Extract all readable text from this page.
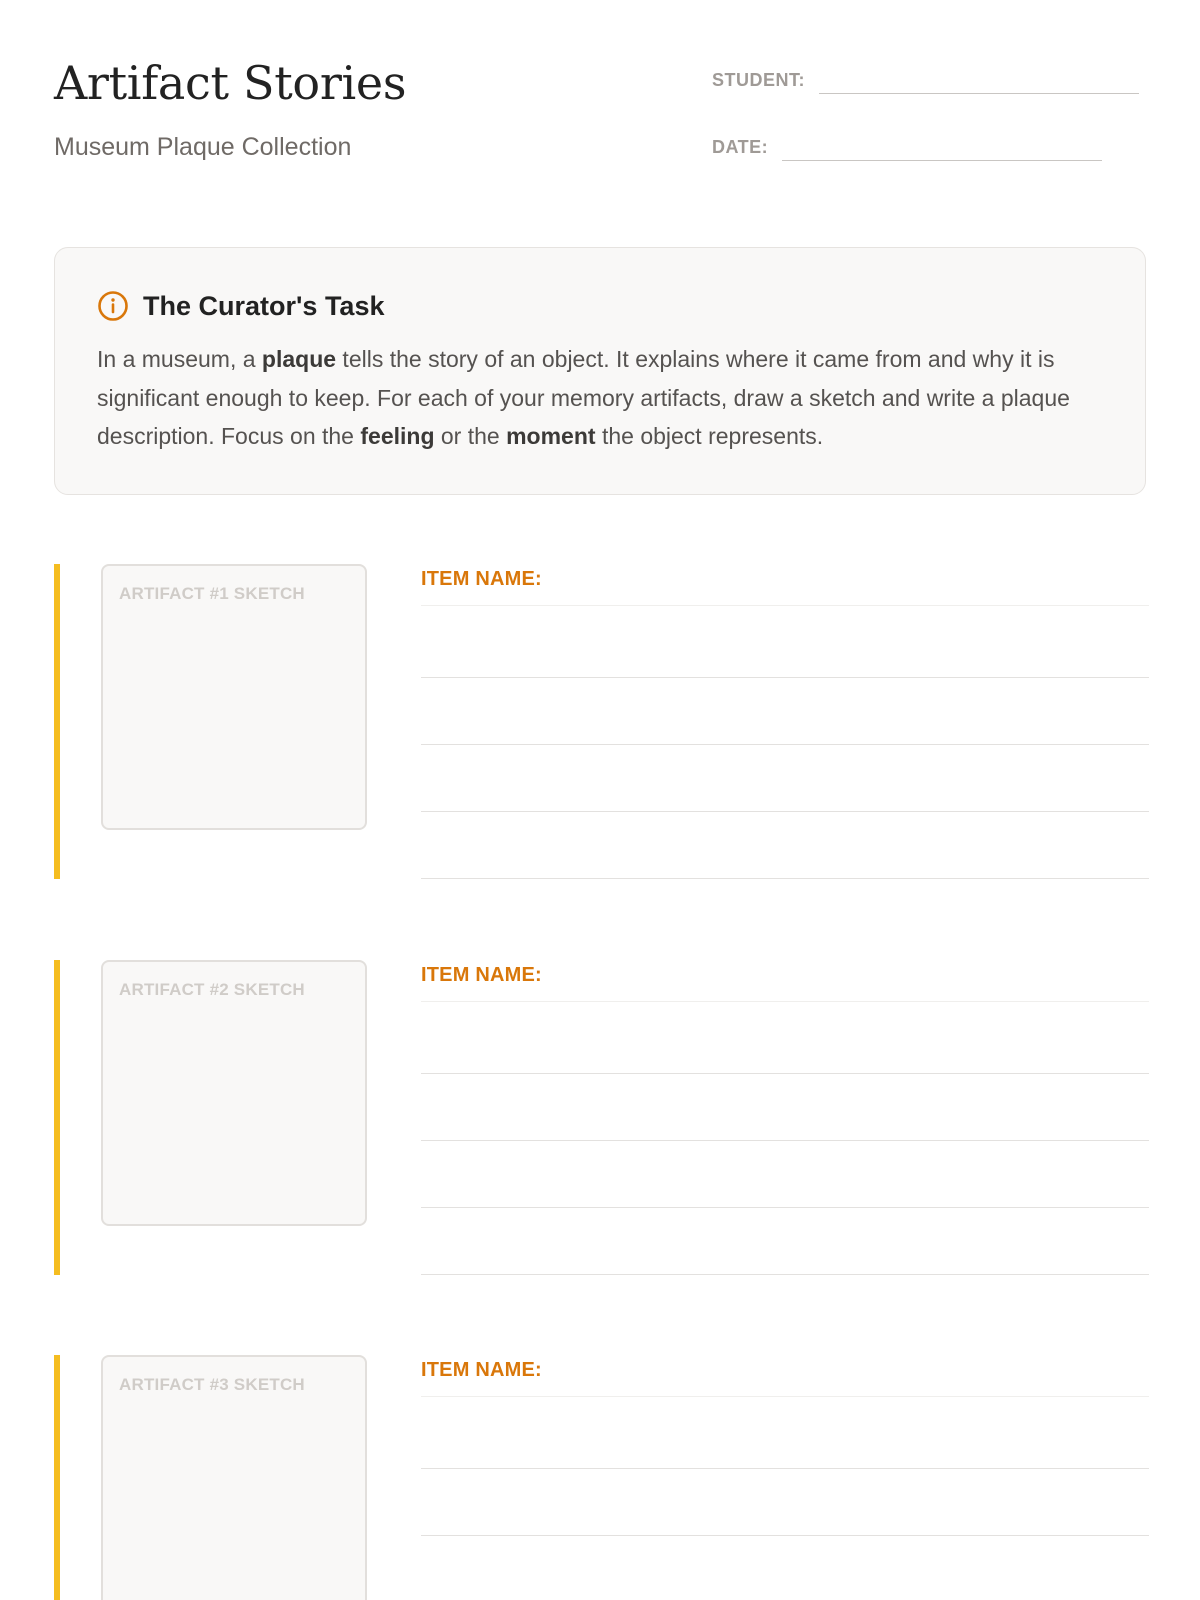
Artifact Stories

Museum Plaque Collection

STUDENT:
DATE:
The Curator's Task
In a museum, a plaque tells the story of an object. It explains where it came from and why it is significant enough to keep. For each of your memory artifacts, draw a sketch and write a plaque description. Focus on the feeling or the moment the object represents.
ARTIFACT #1 SKETCH
ITEM NAME:
ARTIFACT #2 SKETCH
ITEM NAME:
ARTIFACT #3 SKETCH
ITEM NAME:
